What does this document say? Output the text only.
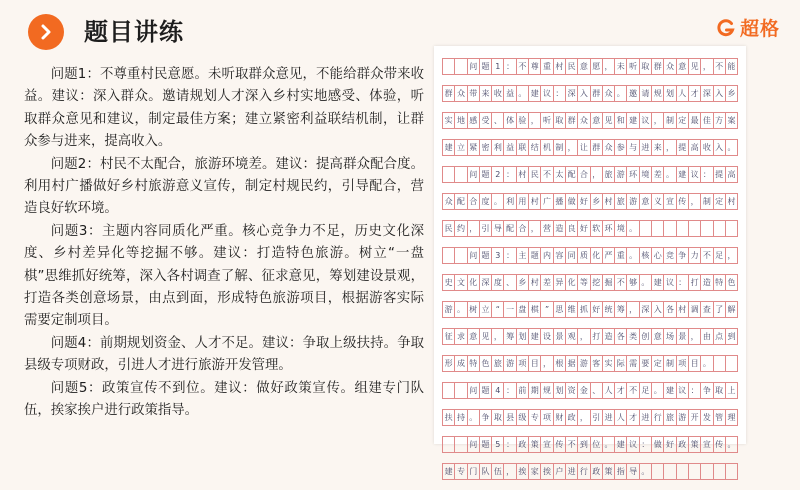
题目讲练	超格

问题1：不尊重村民意愿。未听取群众意见，不能给群众带来收益。建议：深入群众。邀请规划人才深入乡村实地感受、体验，听取群众意见和建议，制定最佳方案；建立紧密利益联结机制，让群众参与进来，提高收入。

问题2：村民不太配合，旅游环境差。建议：提高群众配合度。利用村广播做好乡村旅游意义宣传，制定村规民约，引导配合，营造良好软环境。

问题3：主题内容同质化严重。核心竞争力不足，历史文化深度、乡村差异化等挖掘不够。建议：打造特色旅游。树立“一盘棋”思维抓好统筹，深入各村调查了解、征求意见，筹划建设景观，打造各类创意场景，由点到面，形成特色旅游项目，根据游客实际需要定制项目。

问题4：前期规划资金、人才不足。建议：争取上级扶持。争取县级专项财政，引进人才进行旅游开发管理。

问题5：政策宣传不到位。建议：做好政策宣传。组建专门队伍，挨家挨户进行政策指导。

问 题 1 ： 不 尊 重 村 民 意 愿 ， 未 听 取 群 众 意 见 ， 不 能
群 众 带 来 收 益 。 建 议 ： 深 入 群 众 。 邀 请 规 划 人 才 深 入 乡
实 地 感 受 、 体 验 ， 听 取 群 众 意 见 和 建 议 ， 制 定 最 佳 方 案
建 立 紧 密 利 益 联 结 机 制 ， 让 群 众 参 与 进 来 ， 提 高 收 入 。
问 题 2 ： 村 民 不 太 配 合 ， 旅 游 环 境 差 。 建 议 ： 提 高
众 配 合 度 。 利 用 村 广 播 做 好 乡 村 旅 游 意 义 宣 传 ， 制 定 村
民 约 ， 引 导 配 合 ， 营 造 良 好 软 环 境 。
问 题 3 ： 主 题 内 容 同 质 化 严 重 。 核 心 竞 争 力 不 足 ，
史 文 化 深 度 、 乡 村 差 异 化 等 挖 掘 不 够 。 建 议 ： 打 造 特 色
游 。 树 立 “ 一 盘 棋 ” 思 维 抓 好 统 筹 ， 深 入 各 村 调 查 了 解
征 求 意 见 ， 筹 划 建 设 景 观 ， 打 造 各 类 创 意 场 景 ， 由 点 到
形 成 特 色 旅 游 项 目 ， 根 据 游 客 实 际 需 要 定 制 项 目 。
问 题 4 ： 前 期 规 划 资 金 、 人 才 不 足 。 建 议 ： 争 取 上
扶 持 。 争 取 县 级 专 项 财 政 ， 引 进 人 才 进 行 旅 游 开 发 管 理
问 题 5 ： 政 策 宣 传 不 到 位 。 建 议 ： 做 好 政 策 宣 传 。
建 专 门 队 伍 ， 挨 家 挨 户 进 行 政 策 指 导 。
